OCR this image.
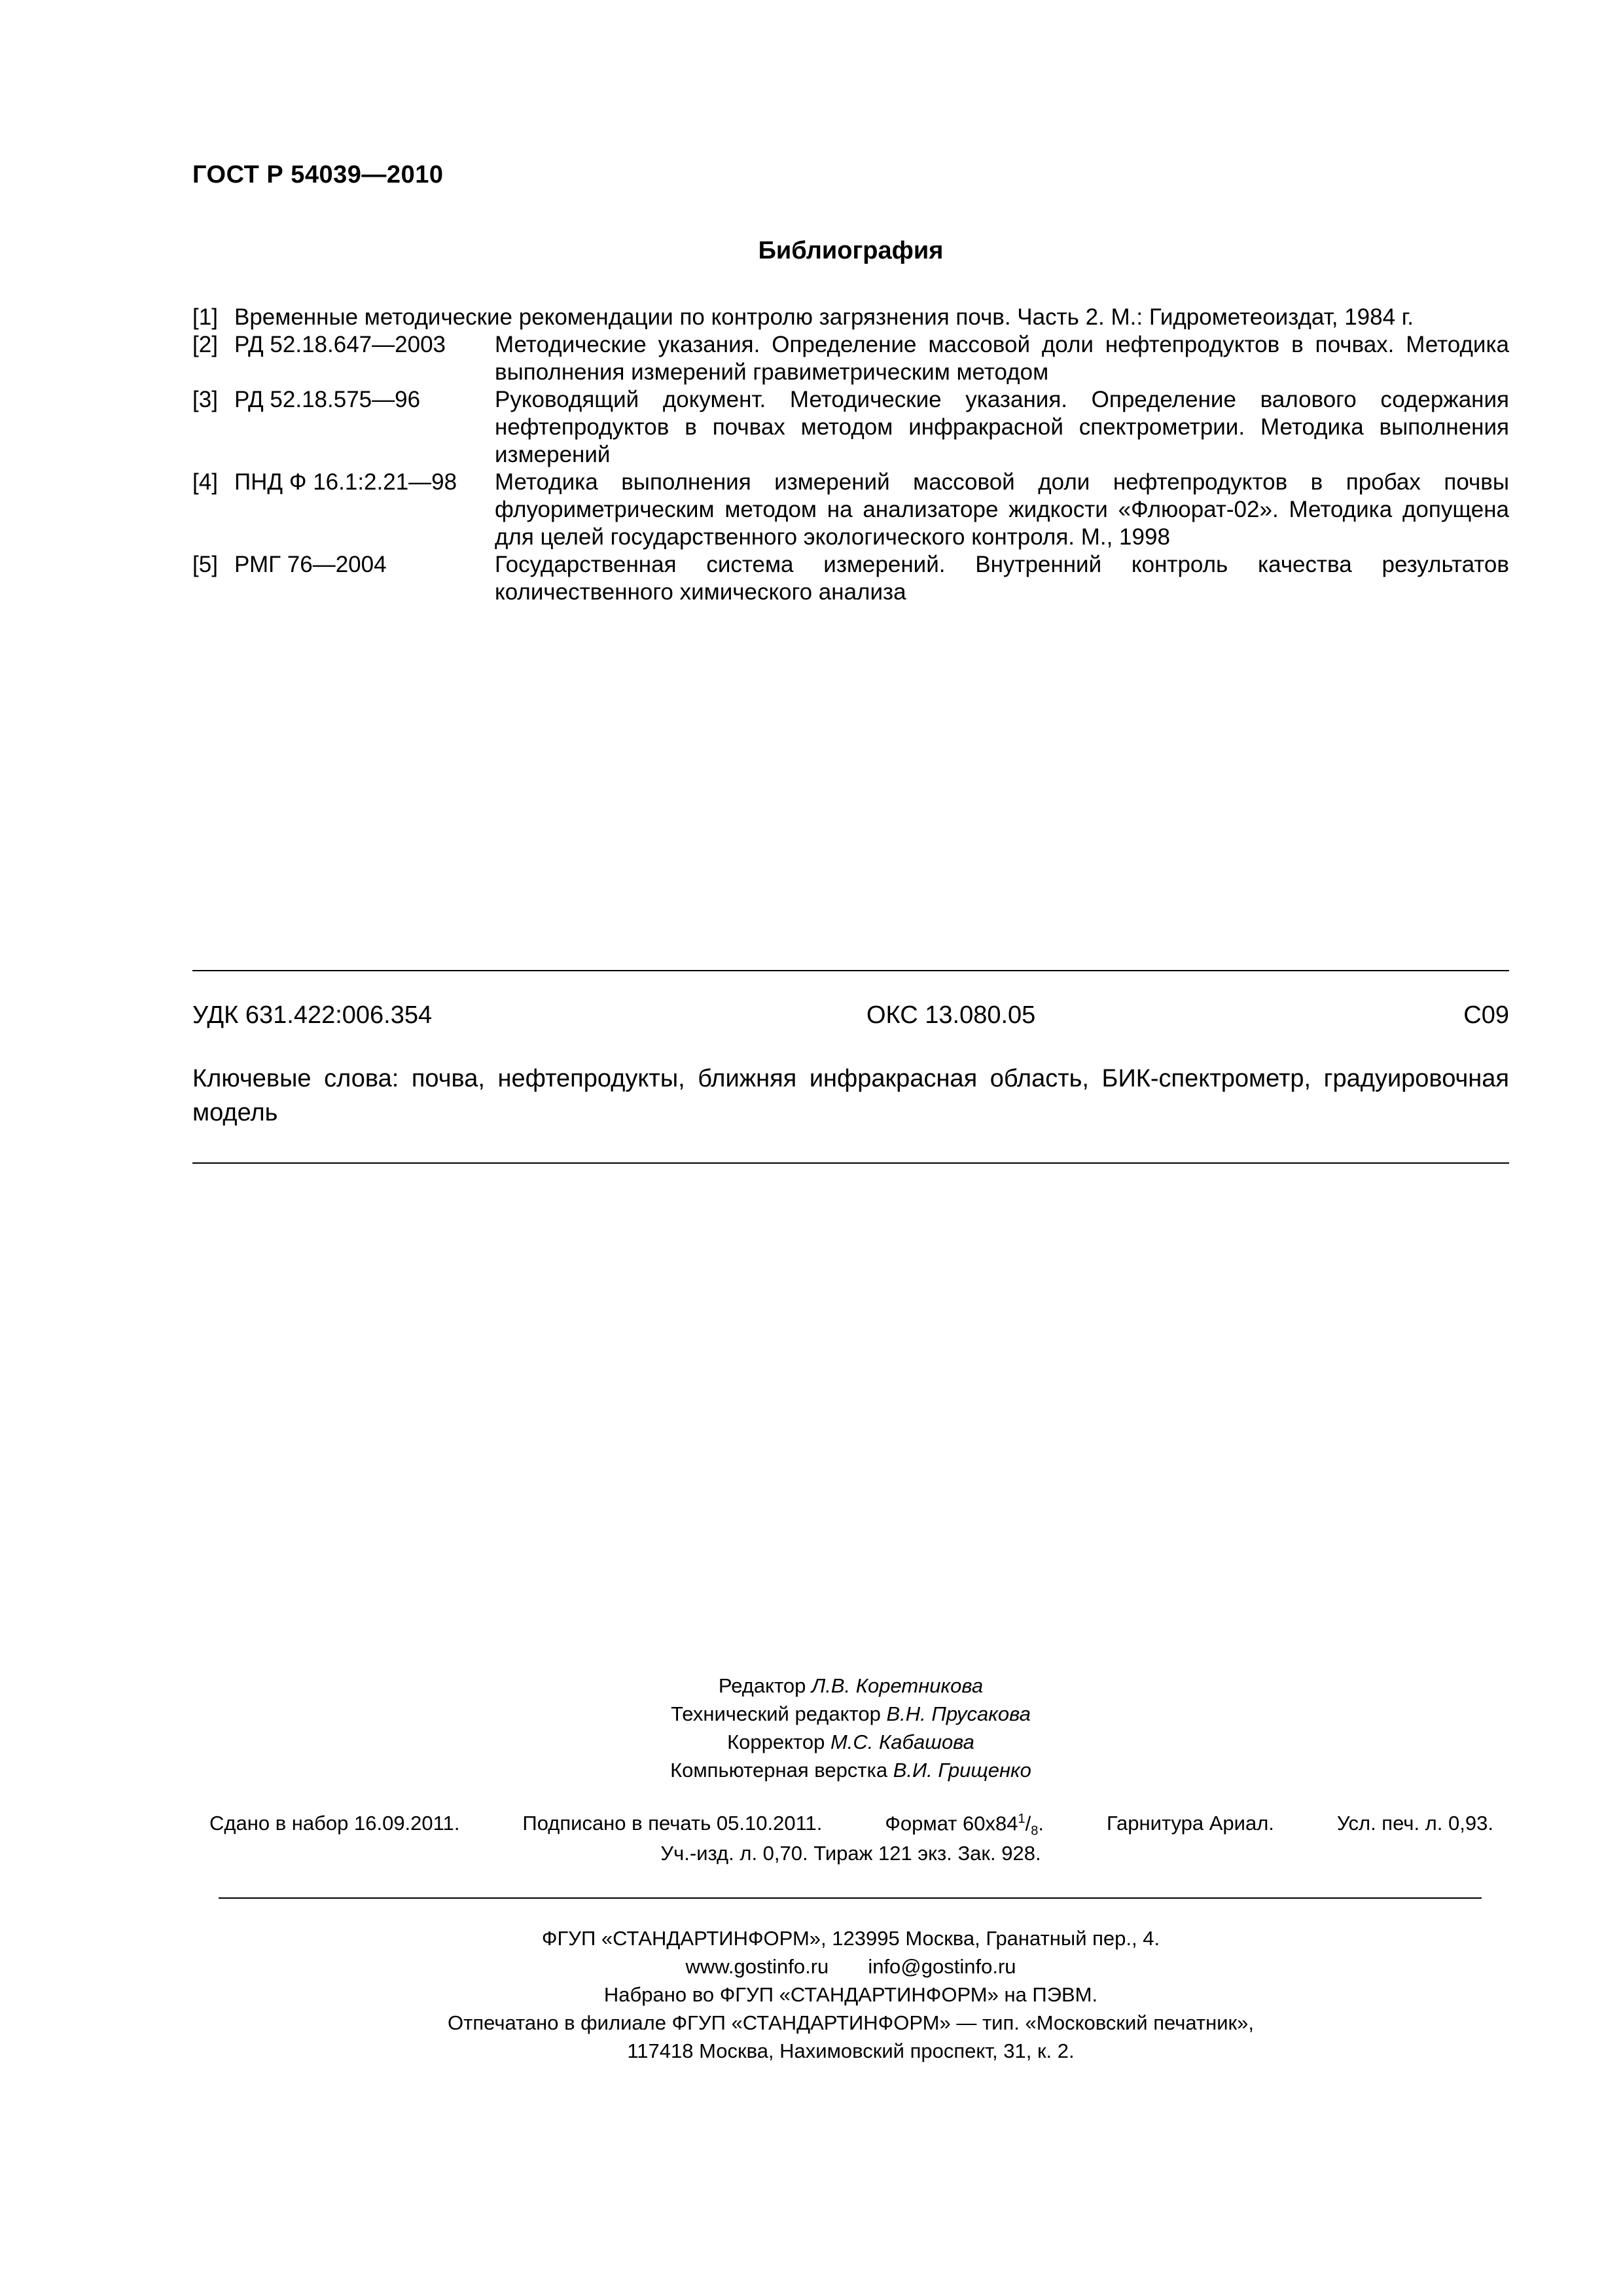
ГОСТ Р 54039—2010
Библиография
[1] Временные методические рекомендации по контролю загрязнения почв. Часть 2. М.: Гидрометеоиздат, 1984 г.
[2] РД 52.18.647—2003	Методические указания. Определение массовой доли нефтепродуктов в почвах. Методика выполнения измерений гравиметрическим методом
[3] РД 52.18.575—96	Руководящий документ. Методические указания. Определение валового содержания нефтепродуктов в почвах методом инфракрасной спектрометрии. Методика выполнения измерений
[4] ПНД Ф 16.1:2.21—98	Методика выполнения измерений массовой доли нефтепродуктов в пробах почвы флуориметрическим методом на анализаторе жидкости «Флюорат-02». Методика допущена для целей государственного экологического контроля. М., 1998
[5] РМГ 76—2004	Государственная система измерений. Внутренний контроль качества результатов количественного химического анализа
УДК 631.422:006.354	ОКС 13.080.05	С09
Ключевые слова: почва, нефтепродукты, ближняя инфракрасная область, БИК-спектрометр, градуировочная модель
Редактор Л.В. Коретникова
Технический редактор В.Н. Прусакова
Корректор М.С. Кабашова
Компьютерная верстка В.И. Грищенко
Сдано в набор 16.09.2011.	Подписано в печать 05.10.2011.	Формат $60х84^1/_8$.	Гарнитура Ариал.	Усл. печ. л. 0,93.
Уч.-изд. л. 0,70. Тираж 121 экз. Зак. 928.
ФГУП «СТАНДАРТИНФОРМ», 123995 Москва, Гранатный пер., 4.
www.gostinfo.ru info@gostinfo.ru
Набрано во ФГУП «СТАНДАРТИНФОРМ» на ПЭВМ.
Отпечатано в филиале ФГУП «СТАНДАРТИНФОРМ» — тип. «Московский печатник»,
117418 Москва, Нахимовский проспект, 31, к. 2.
